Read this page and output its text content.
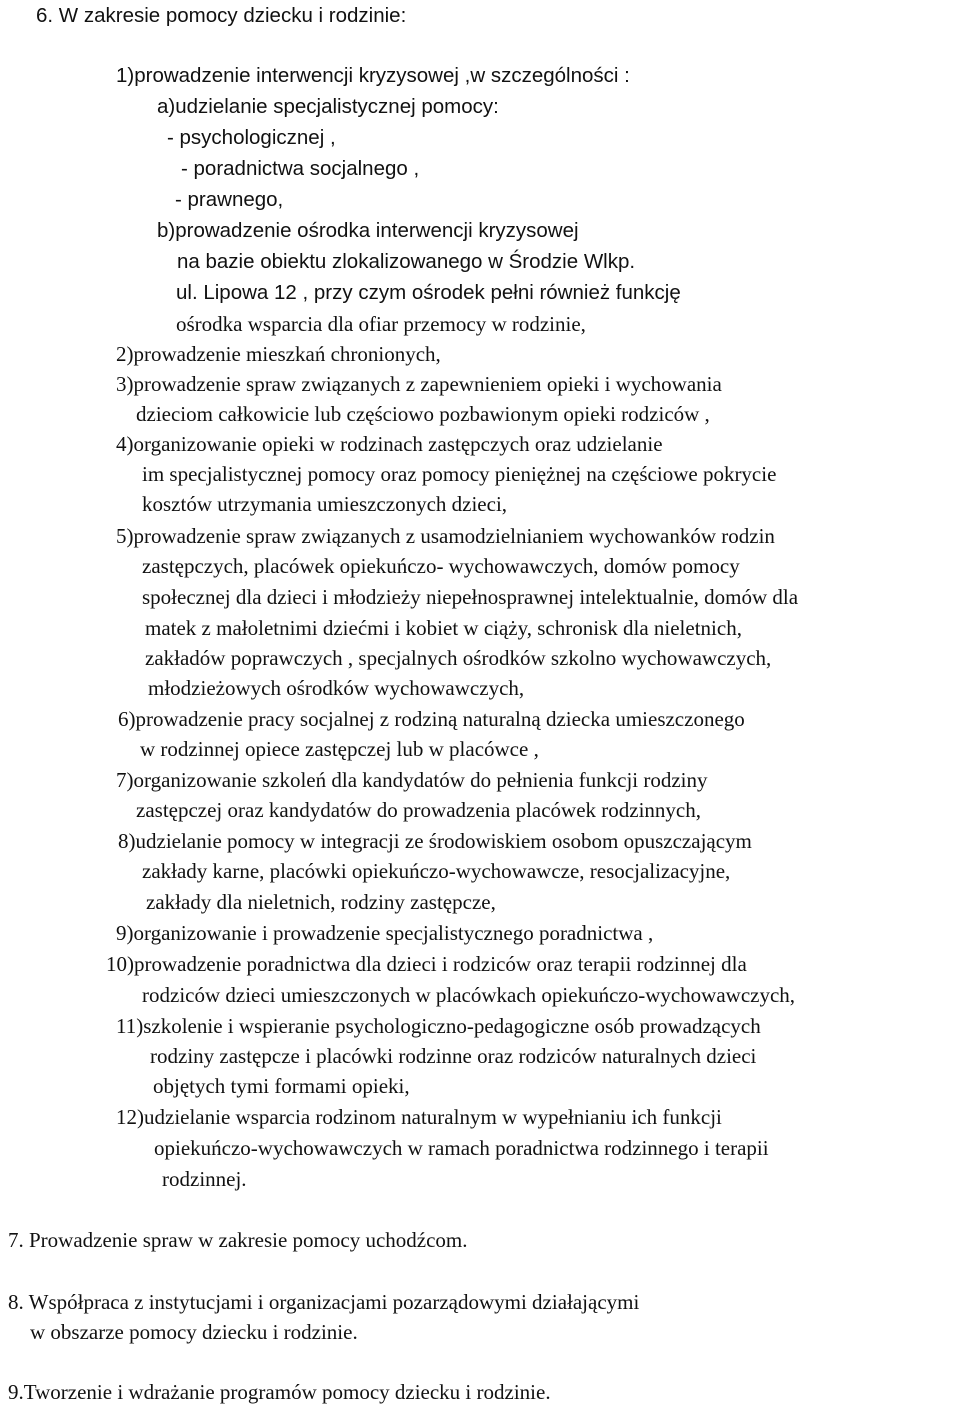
6. W zakresie pomocy dziecku i rodzinie:

1)prowadzenie interwencji kryzysowej ,w szczególności :

a)udzielanie specjalistycznej pomocy:

- psychologicznej ,

- poradnictwa socjalnego ,

- prawnego,

b)prowadzenie ośrodka interwencji kryzysowej

na bazie obiektu zlokalizowanego w Środzie Wlkp.

ul. Lipowa 12 , przy czym ośrodek pełni również funkcję

ośrodka wsparcia dla ofiar przemocy w rodzinie,

2)prowadzenie mieszkań chronionych,

3)prowadzenie spraw związanych z zapewnieniem opieki i wychowania

dzieciom całkowicie lub częściowo pozbawionym opieki rodziców ,

4)organizowanie opieki w rodzinach zastępczych oraz udzielanie

im specjalistycznej pomocy oraz pomocy pieniężnej na częściowe pokrycie

kosztów utrzymania umieszczonych dzieci,

5)prowadzenie spraw związanych z usamodzielnianiem wychowanków rodzin

zastępczych, placówek opiekuńczo- wychowawczych, domów pomocy

społecznej dla dzieci i młodzieży niepełnosprawnej intelektualnie, domów dla

matek z małoletnimi dziećmi i kobiet w ciąży, schronisk dla nieletnich,

zakładów poprawczych , specjalnych ośrodków szkolno wychowawczych,

młodzieżowych ośrodków wychowawczych,

6)prowadzenie pracy socjalnej z rodziną naturalną dziecka umieszczonego

w rodzinnej opiece zastępczej lub w placówce ,

7)organizowanie szkoleń dla kandydatów do pełnienia funkcji rodziny

zastępczej oraz kandydatów do prowadzenia placówek rodzinnych,

8)udzielanie pomocy w integracji ze środowiskiem osobom opuszczającym

zakłady karne, placówki opiekuńczo-wychowawcze, resocjalizacyjne,

zakłady dla nieletnich, rodziny zastępcze,

9)organizowanie i prowadzenie specjalistycznego poradnictwa ,

10)prowadzenie poradnictwa dla dzieci i rodziców oraz terapii rodzinnej dla

rodziców dzieci umieszczonych w placówkach opiekuńczo-wychowawczych,

11)szkolenie i wspieranie psychologiczno-pedagogiczne osób prowadzących

rodziny zastępcze i placówki rodzinne oraz rodziców naturalnych dzieci

objętych tymi formami opieki,

12)udzielanie wsparcia rodzinom naturalnym w wypełnianiu ich funkcji

opiekuńczo-wychowawczych w ramach poradnictwa rodzinnego i terapii

rodzinnej.

7. Prowadzenie spraw w zakresie pomocy uchodźcom.

8. Współpraca z instytucjami i organizacjami pozarządowymi działającymi

w obszarze pomocy dziecku i rodzinie.

9.Tworzenie i wdrażanie programów pomocy dziecku i rodzinie.
